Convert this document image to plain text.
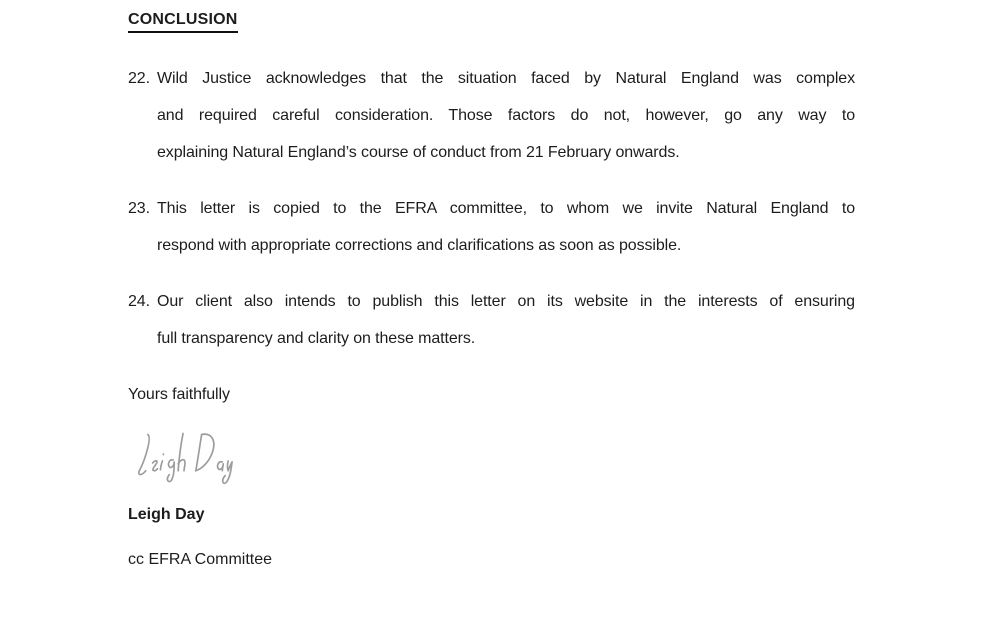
CONCLUSION
22. Wild Justice acknowledges that the situation faced by Natural England was complex
and required careful consideration. Those factors do not, however, go any way to
explaining Natural England’s course of conduct from 21 February onwards.
23. This letter is copied to the EFRA committee, to whom we invite Natural England to
respond with appropriate corrections and clarifications as soon as possible.
24. Our client also intends to publish this letter on its website in the interests of ensuring
full transparency and clarity on these matters.
Yours faithfully
Leigh Day
cc EFRA Committee
